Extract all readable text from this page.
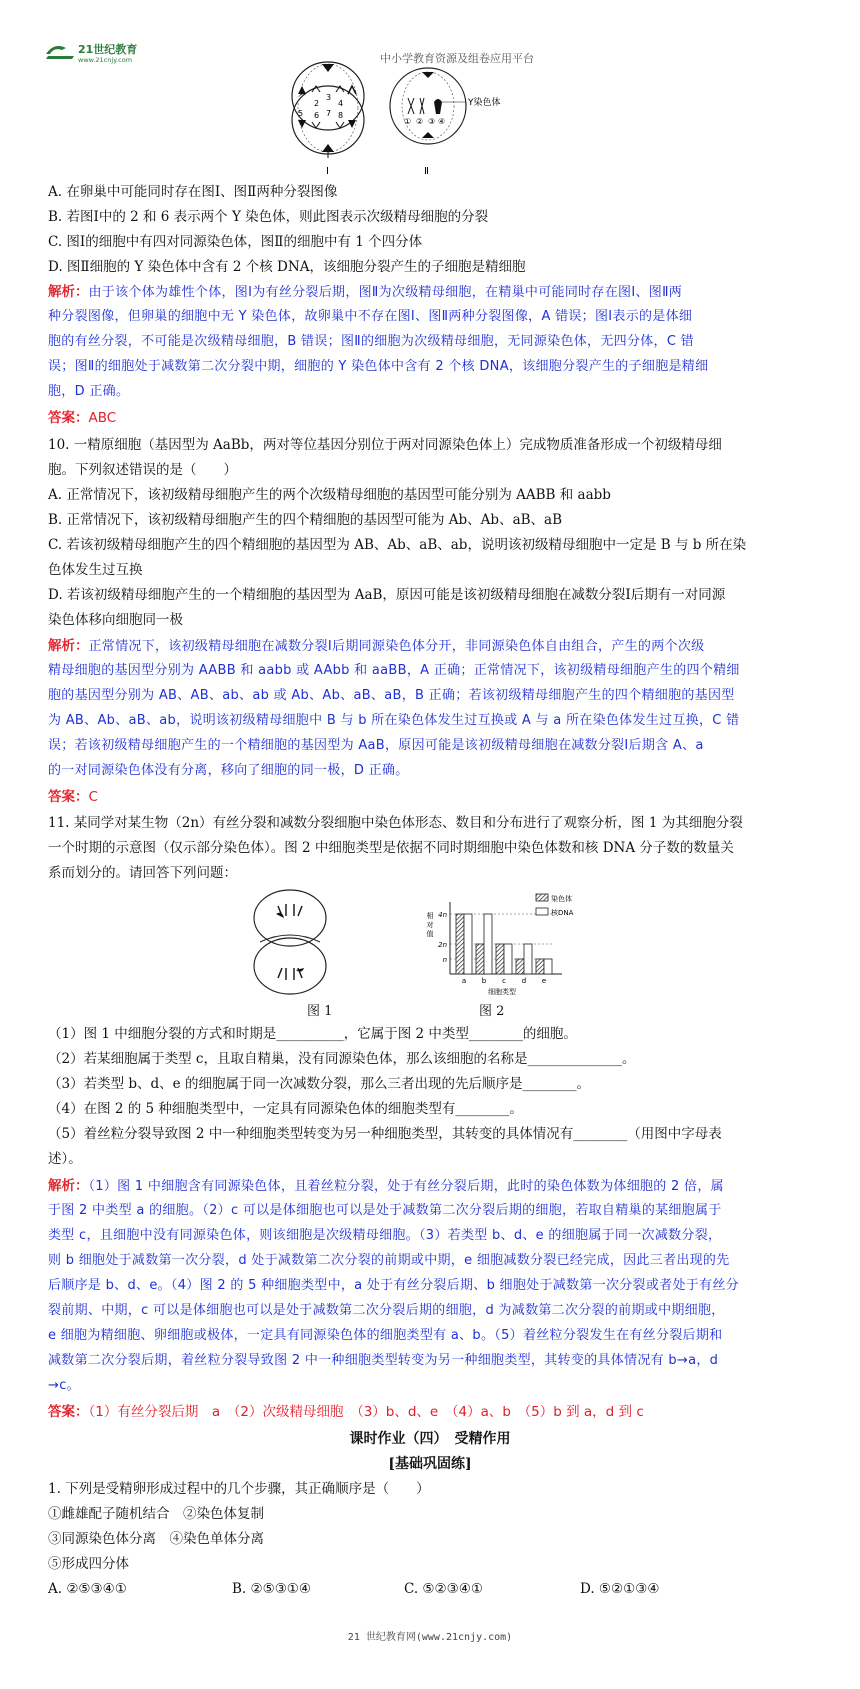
21世纪教育
www.21cnjy.com	中小学教育资源及组卷应用平台
2
3
4
5 6 7 8
Ⅰ
Y染色体
① ② ③ ④
Ⅱ
A. 在卵巢中可能同时存在图Ⅰ、图Ⅱ两种分裂图像
B. 若图Ⅰ中的 2 和 6 表示两个 Y 染色体，则此图表示次级精母细胞的分裂
C. 图Ⅰ的细胞中有四对同源染色体，图Ⅱ的细胞中有 1 个四分体
D. 图Ⅱ细胞的 Y 染色体中含有 2 个核 DNA，该细胞分裂产生的子细胞是精细胞
解析：由于该个体为雄性个体，图Ⅰ为有丝分裂后期，图Ⅱ为次级精母细胞，在精巢中可能同时存在图Ⅰ、图Ⅱ两
种分裂图像，但卵巢的细胞中无 Y 染色体，故卵巢中不存在图Ⅰ、图Ⅱ两种分裂图像，A 错误；图Ⅰ表示的是体细
胞的有丝分裂，不可能是次级精母细胞，B 错误；图Ⅱ的细胞为次级精母细胞，无同源染色体，无四分体，C 错
误；图Ⅱ的细胞处于减数第二次分裂中期，细胞的 Y 染色体中含有 2 个核 DNA，该细胞分裂产生的子细胞是精细
胞，D 正确。
答案：ABC
10. 一精原细胞（基因型为 AaBb，两对等位基因分别位于两对同源染色体上）完成物质准备形成一个初级精母细
胞。下列叙述错误的是（　　）
A. 正常情况下，该初级精母细胞产生的两个次级精母细胞的基因型可能分别为 AABB 和 aabb
B. 正常情况下，该初级精母细胞产生的四个精细胞的基因型可能为 Ab、Ab、aB、aB
C. 若该初级精母细胞产生的四个精细胞的基因型为 AB、Ab、aB、ab，说明该初级精母细胞中一定是 B 与 b 所在染
色体发生过互换
D. 若该初级精母细胞产生的一个精细胞的基因型为 AaB，原因可能是该初级精母细胞在减数分裂Ⅰ后期有一对同源
染色体移向细胞同一极
解析：正常情况下，该初级精母细胞在减数分裂Ⅰ后期同源染色体分开，非同源染色体自由组合，产生的两个次级
精母细胞的基因型分别为 AABB 和 aabb 或 AAbb 和 aaBB，A 正确；正常情况下，该初级精母细胞产生的四个精细
胞的基因型分别为 AB、AB、ab、ab 或 Ab、Ab、aB、aB，B 正确；若该初级精母细胞产生的四个精细胞的基因型
为 AB、Ab、aB、ab，说明该初级精母细胞中 B 与 b 所在染色体发生过互换或 A 与 a 所在染色体发生过互换，C 错
误；若该初级精母细胞产生的一个精细胞的基因型为 AaB，原因可能是该初级精母细胞在减数分裂Ⅰ后期含 A、a
的一对同源染色体没有分离，移向了细胞的同一极，D 正确。
答案：C
11. 某同学对某生物（2n）有丝分裂和减数分裂细胞中染色体形态、数目和分布进行了观察分析，图 1 为其细胞分裂
一个时期的示意图（仅示部分染色体）。图 2 中细胞类型是依据不同时期细胞中染色体数和核 DNA 分子数的数量关
系而划分的。请回答下列问题：
图 1
4n
2n
n
相
对
值
a b c d e
细胞类型
染色体
核DNA
图 2
（1）图 1 中细胞分裂的方式和时期是__________，它属于图 2 中类型________的细胞。
（2）若某细胞属于类型 c，且取自精巢，没有同源染色体，那么该细胞的名称是______________。
（3）若类型 b、d、e 的细胞属于同一次减数分裂，那么三者出现的先后顺序是________。
（4）在图 2 的 5 种细胞类型中，一定具有同源染色体的细胞类型有________。
（5）着丝粒分裂导致图 2 中一种细胞类型转变为另一种细胞类型，其转变的具体情况有________（用图中字母表
述）。
解析：（1）图 1 中细胞含有同源染色体，且着丝粒分裂，处于有丝分裂后期，此时的染色体数为体细胞的 2 倍，属
于图 2 中类型 a 的细胞。（2）c 可以是体细胞也可以是处于减数第二次分裂后期的细胞，若取自精巢的某细胞属于
类型 c，且细胞中没有同源染色体，则该细胞是次级精母细胞。（3）若类型 b、d、e 的细胞属于同一次减数分裂，
则 b 细胞处于减数第一次分裂，d 处于减数第二次分裂的前期或中期，e 细胞减数分裂已经完成，因此三者出现的先
后顺序是 b、d、e。（4）图 2 的 5 种细胞类型中，a 处于有丝分裂后期、b 细胞处于减数第一次分裂或者处于有丝分
裂前期、中期，c 可以是体细胞也可以是处于减数第二次分裂后期的细胞，d 为减数第二次分裂的前期或中期细胞，
e 细胞为精细胞、卵细胞或极体，一定具有同源染色体的细胞类型有 a、b。（5）着丝粒分裂发生在有丝分裂后期和
减数第二次分裂后期，着丝粒分裂导致图 2 中一种细胞类型转变为另一种细胞类型，其转变的具体情况有 b→a，d
→c。
答案：（1）有丝分裂后期　a　（2）次级精母细胞　（3）b、d、e　（4）a、b　（5）b 到 a，d 到 c
课时作业（四）　受精作用
[基础巩固练]
1. 下列是受精卵形成过程中的几个步骤，其正确顺序是（　　）
①雌雄配子随机结合　②染色体复制
③同源染色体分离　④染色单体分离
⑤形成四分体
A. ②⑤③④①	B. ②⑤③①④	C. ⑤②③④①	D. ⑤②①③④
21 世纪教育网(www.21cnjy.com)
